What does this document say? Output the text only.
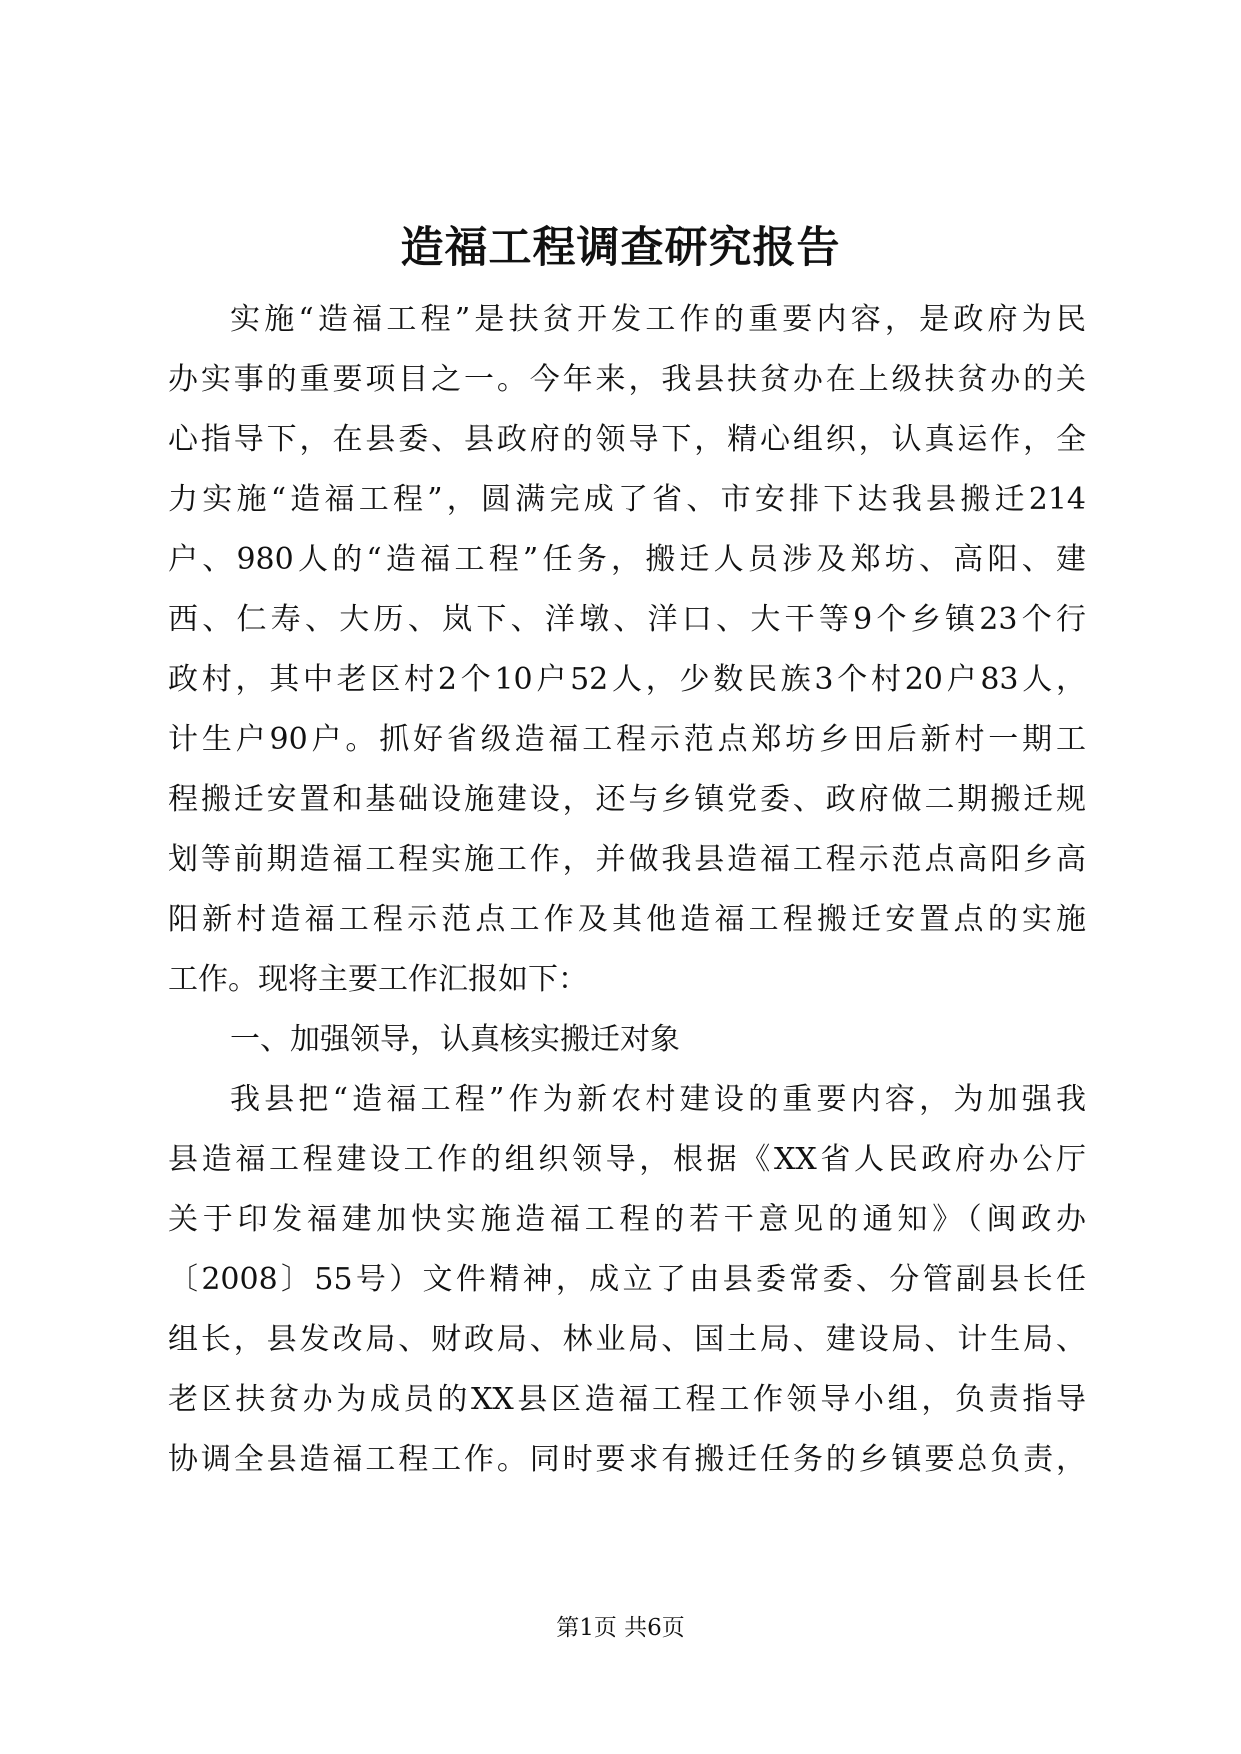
造福工程调查研究报告
实施“造福工程”是扶贫开发工作的重要内容，是政府为民
办实事的重要项目之一。今年来，我县扶贫办在上级扶贫办的关
心指导下，在县委、县政府的领导下，精心组织，认真运作，全
力实施“造福工程”，圆满完成了省、市安排下达我县搬迁214
户、980人的“造福工程”任务，搬迁人员涉及郑坊、高阳、建
西、仁寿、大历、岚下、洋墩、洋口、大干等9个乡镇23个行
政村，其中老区村2个10户52人，少数民族3个村20户83人，
计生户90户。抓好省级造福工程示范点郑坊乡田后新村一期工
程搬迁安置和基础设施建设，还与乡镇党委、政府做二期搬迁规
划等前期造福工程实施工作，并做我县造福工程示范点高阳乡高
阳新村造福工程示范点工作及其他造福工程搬迁安置点的实施
工作。现将主要工作汇报如下：
一、加强领导，认真核实搬迁对象
我县把“造福工程”作为新农村建设的重要内容，为加强我
县造福工程建设工作的组织领导，根据《XX省人民政府办公厅
关于印发福建加快实施造福工程的若干意见的通知》（闽政办
〔2008〕55号）文件精神，成立了由县委常委、分管副县长任
组长，县发改局、财政局、林业局、国土局、建设局、计生局、
老区扶贫办为成员的XX县区造福工程工作领导小组，负责指导
协调全县造福工程工作。同时要求有搬迁任务的乡镇要总负责，
第1页 共6页
